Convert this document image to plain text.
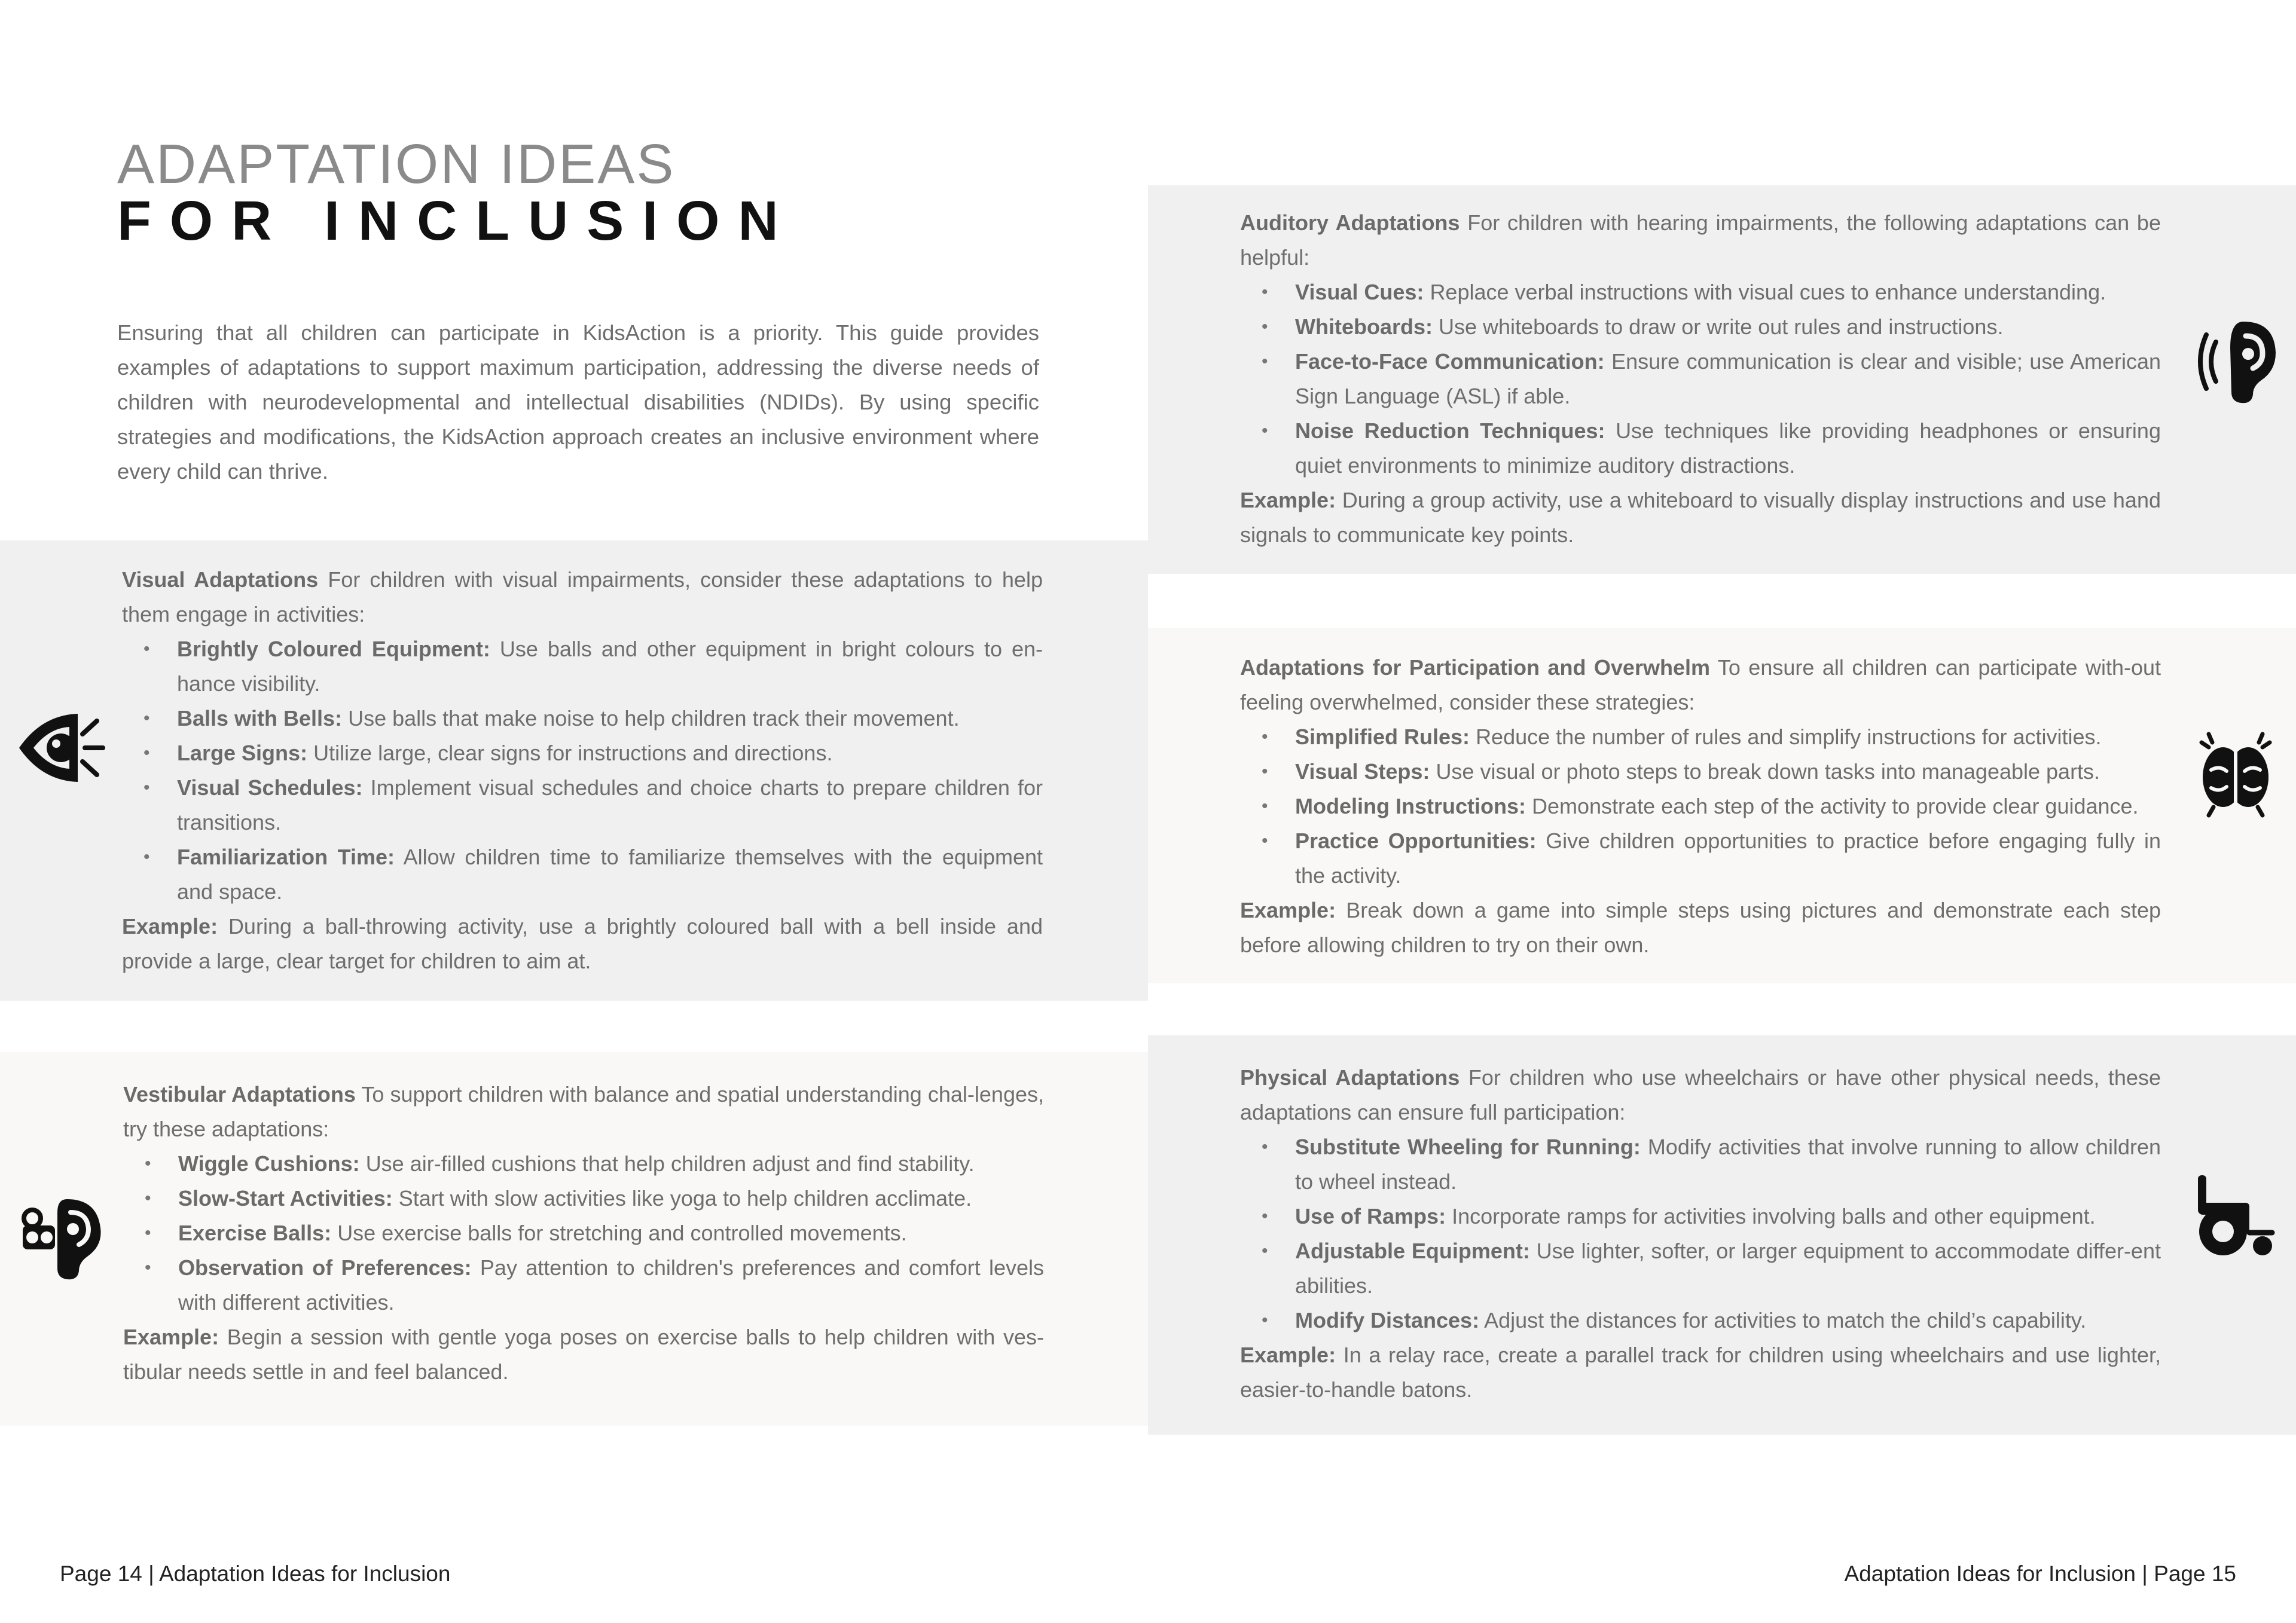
ADAPTATION IDEAS
FOR INCLUSION

Ensuring that all children can participate in KidsAction is a priority. This guide provides examples of adaptations to support maximum participation, addressing the diverse needs of children with neurodevelopmental and intellectual disabilities (NDIDs). By using specific strategies and modifications, the KidsAction approach creates an inclusive environment where every child can thrive.

Visual Adaptations For children with visual impairments, consider these adaptations to help them engage in activities:

• Brightly Coloured Equipment: Use balls and other equipment in bright colours to en-hance visibility.
• Balls with Bells: Use balls that make noise to help children track their movement.
• Large Signs: Utilize large, clear signs for instructions and directions.
• Visual Schedules: Implement visual schedules and choice charts to prepare children for transitions.
• Familiarization Time: Allow children time to familiarize themselves with the equipment and space.

Example: During a ball-throwing activity, use a brightly coloured ball with a bell inside and provide a large, clear target for children to aim at.

Vestibular Adaptations To support children with balance and spatial understanding chal-lenges, try these adaptations:

• Wiggle Cushions: Use air-filled cushions that help children adjust and find stability.
• Slow-Start Activities: Start with slow activities like yoga to help children acclimate.
• Exercise Balls: Use exercise balls for stretching and controlled movements.
• Observation of Preferences: Pay attention to children's preferences and comfort levels with different activities.

Example: Begin a session with gentle yoga poses on exercise balls to help children with ves-tibular needs settle in and feel balanced.

Auditory Adaptations For children with hearing impairments, the following adaptations can be helpful:

• Visual Cues: Replace verbal instructions with visual cues to enhance understanding.
• Whiteboards: Use whiteboards to draw or write out rules and instructions.
• Face-to-Face Communication: Ensure communication is clear and visible; use American Sign Language (ASL) if able.
• Noise Reduction Techniques: Use techniques like providing headphones or ensuring quiet environments to minimize auditory distractions.

Example: During a group activity, use a whiteboard to visually display instructions and use hand signals to communicate key points.

Adaptations for Participation and Overwhelm To ensure all children can participate with-out feeling overwhelmed, consider these strategies:

• Simplified Rules: Reduce the number of rules and simplify instructions for activities.
• Visual Steps: Use visual or photo steps to break down tasks into manageable parts.
• Modeling Instructions: Demonstrate each step of the activity to provide clear guidance.
• Practice Opportunities: Give children opportunities to practice before engaging fully in the activity.

Example: Break down a game into simple steps using pictures and demonstrate each step before allowing children to try on their own.

Physical Adaptations For children who use wheelchairs or have other physical needs, these adaptations can ensure full participation:

• Substitute Wheeling for Running: Modify activities that involve running to allow children to wheel instead.
• Use of Ramps: Incorporate ramps for activities involving balls and other equipment.
• Adjustable Equipment: Use lighter, softer, or larger equipment to accommodate differ-ent abilities.
• Modify Distances: Adjust the distances for activities to match the child’s capability.

Example: In a relay race, create a parallel track for children using wheelchairs and use lighter, easier-to-handle batons.

Page 14 | Adaptation Ideas for Inclusion	Adaptation Ideas for Inclusion | Page 15
